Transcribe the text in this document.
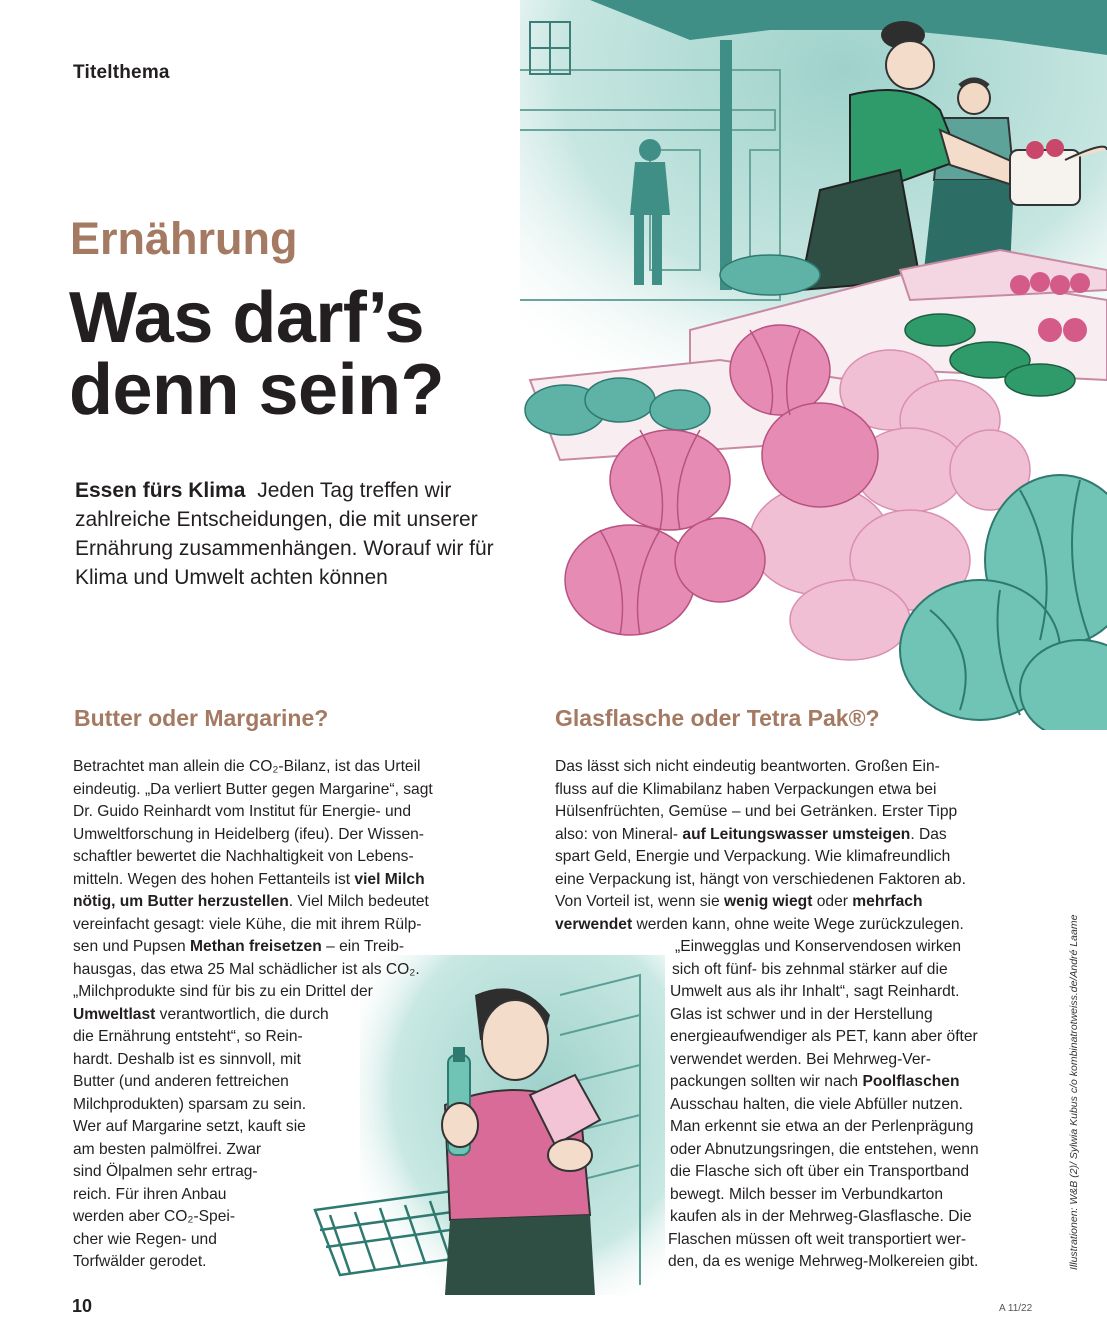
Titelthema
Ernährung
Was darf’s
denn sein?
Essen fürs Klima Jeden Tag treffen wir zahlreiche Entscheidungen, die mit unserer Ernährung zusammenhängen. Worauf wir für Klima und Umwelt achten können
Butter oder Margarine?
Betrachtet man allein die CO₂-Bilanz, ist das Urteil
eindeutig. „Da verliert Butter gegen Margarine“, sagt
Dr. Guido Reinhardt vom Institut für Energie- und
Umweltforschung in Heidelberg (ifeu). Der Wissen-
schaftler bewertet die Nachhaltigkeit von Lebens-
mitteln. Wegen des hohen Fettanteils ist viel Milch
nötig, um Butter herzustellen. Viel Milch bedeutet
vereinfacht gesagt: viele Kühe, die mit ihrem Rülp-
sen und Pupsen Methan freisetzen – ein Treib-
hausgas, das etwa 25 Mal schädlicher ist als CO₂.
„Milchprodukte sind für bis zu ein Drittel der
Umweltlast verantwortlich, die durch
die Ernährung entsteht“, so Rein-
hardt. Deshalb ist es sinnvoll, mit
Butter (und anderen fettreichen
Milchprodukten) sparsam zu sein.
Wer auf Margarine setzt, kauft sie
am besten palmölfrei. Zwar
sind Ölpalmen sehr ertrag-
reich. Für ihren Anbau
werden aber CO₂-Spei-
cher wie Regen- und
Torfwälder gerodet.
Glasflasche oder Tetra Pak®?
Das lässt sich nicht eindeutig beantworten. Großen Ein-
fluss auf die Klimabilanz haben Verpackungen etwa bei
Hülsenfrüchten, Gemüse – und bei Getränken. Erster Tipp
also: von Mineral- auf Leitungswasser umsteigen. Das
spart Geld, Energie und Verpackung. Wie klimafreundlich
eine Verpackung ist, hängt von verschiedenen Faktoren ab.
Von Vorteil ist, wenn sie wenig wiegt oder mehrfach
verwendet werden kann, ohne weite Wege zurückzulegen.
„Einwegglas und Konservendosen wirken
sich oft fünf- bis zehnmal stärker auf die
Umwelt aus als ihr Inhalt“, sagt Reinhardt.
Glas ist schwer und in der Herstellung
energieaufwendiger als PET, kann aber öfter
verwendet werden. Bei Mehrweg-Ver-
packungen sollten wir nach Poolflaschen
Ausschau halten, die viele Abfüller nutzen.
Man erkennt sie etwa an der Perlenprägung
oder Abnutzungsringen, die entstehen, wenn
die Flasche sich oft über ein Transportband
bewegt. Milch besser im Verbundkarton
kaufen als in der Mehrweg-Glasflasche. Die
Flaschen müssen oft weit transportiert wer-
den, da es wenige Mehrweg-Molkereien gibt.
10	A 11/22
Illustrationen: W&B (2)/ Sylwia Kubus c/o kombinatrotweiss.de/André Laame
